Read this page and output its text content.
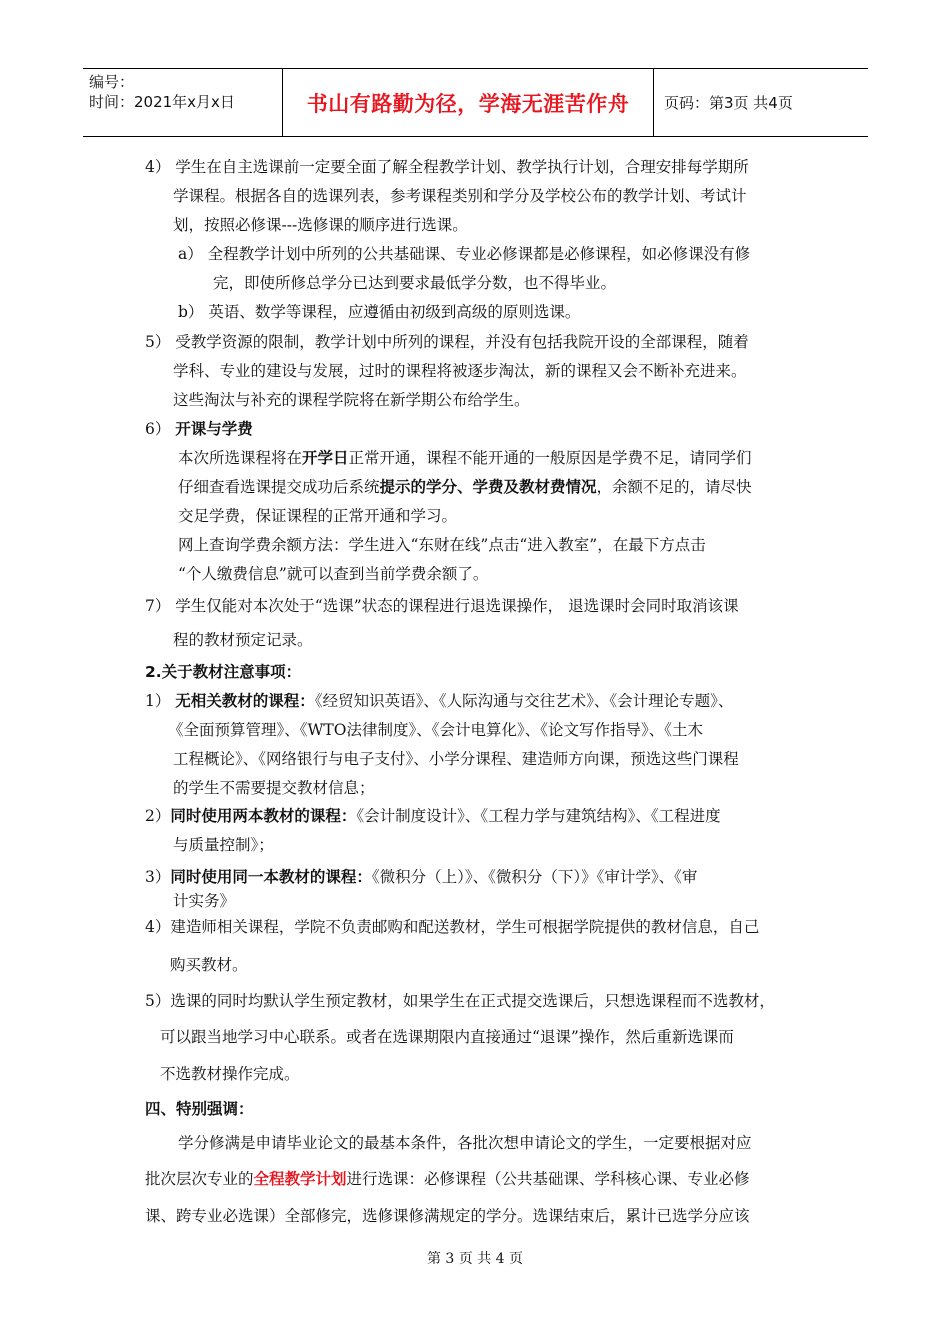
编号：
时间：2021年x月x日	书山有路勤为径，学海无涯苦作舟	页码：第3页 共4页
4） 学生在自主选课前一定要全面了解全程教学计划、教学执行计划，合理安排每学期所
学课程。根据各自的选课列表，参考课程类别和学分及学校公布的教学计划、考试计
划，按照必修课---选修课的顺序进行选课。
a） 全程教学计划中所列的公共基础课、专业必修课都是必修课程，如必修课没有修
完，即使所修总学分已达到要求最低学分数，也不得毕业。
b） 英语、数学等课程，应遵循由初级到高级的原则选课。
5） 受教学资源的限制，教学计划中所列的课程，并没有包括我院开设的全部课程，随着
学科、专业的建设与发展，过时的课程将被逐步淘汰，新的课程又会不断补充进来。
这些淘汰与补充的课程学院将在新学期公布给学生。
6） 开课与学费
本次所选课程将在开学日正常开通，课程不能开通的一般原因是学费不足，请同学们
仔细查看选课提交成功后系统提示的学分、学费及教材费情况，余额不足的，请尽快
交足学费，保证课程的正常开通和学习。
网上查询学费余额方法：学生进入“东财在线”点击“进入教室”，在最下方点击
“个人缴费信息”就可以查到当前学费余额了。
7） 学生仅能对本次处于“选课”状态的课程进行退选课操作， 退选课时会同时取消该课
程的教材预定记录。
2.关于教材注意事项：
1） 无相关教材的课程：《经贸知识英语》、《人际沟通与交往艺术》、《会计理论专题》、
《全面预算管理》、《WTO法律制度》、《会计电算化》、《论文写作指导》、《土木
工程概论》、《网络银行与电子支付》、小学分课程、建造师方向课，预选这些门课程
的学生不需要提交教材信息；
2）同时使用两本教材的课程：《会计制度设计》、《工程力学与建筑结构》、《工程进度
与质量控制》；
3）同时使用同一本教材的课程：《微积分（上）》、《微积分（下）》《审计学》、《审
计实务》
4）建造师相关课程，学院不负责邮购和配送教材，学生可根据学院提供的教材信息，自己
购买教材。
5）选课的同时均默认学生预定教材，如果学生在正式提交选课后，只想选课程而不选教材，
可以跟当地学习中心联系。或者在选课期限内直接通过“退课”操作，然后重新选课而
不选教材操作完成。
四、特别强调：
学分修满是申请毕业论文的最基本条件，各批次想申请论文的学生，一定要根据对应
批次层次专业的全程教学计划进行选课：必修课程（公共基础课、学科核心课、专业必修
课、跨专业必选课）全部修完，选修课修满规定的学分。选课结束后，累计已选学分应该
第 3 页 共 4 页
